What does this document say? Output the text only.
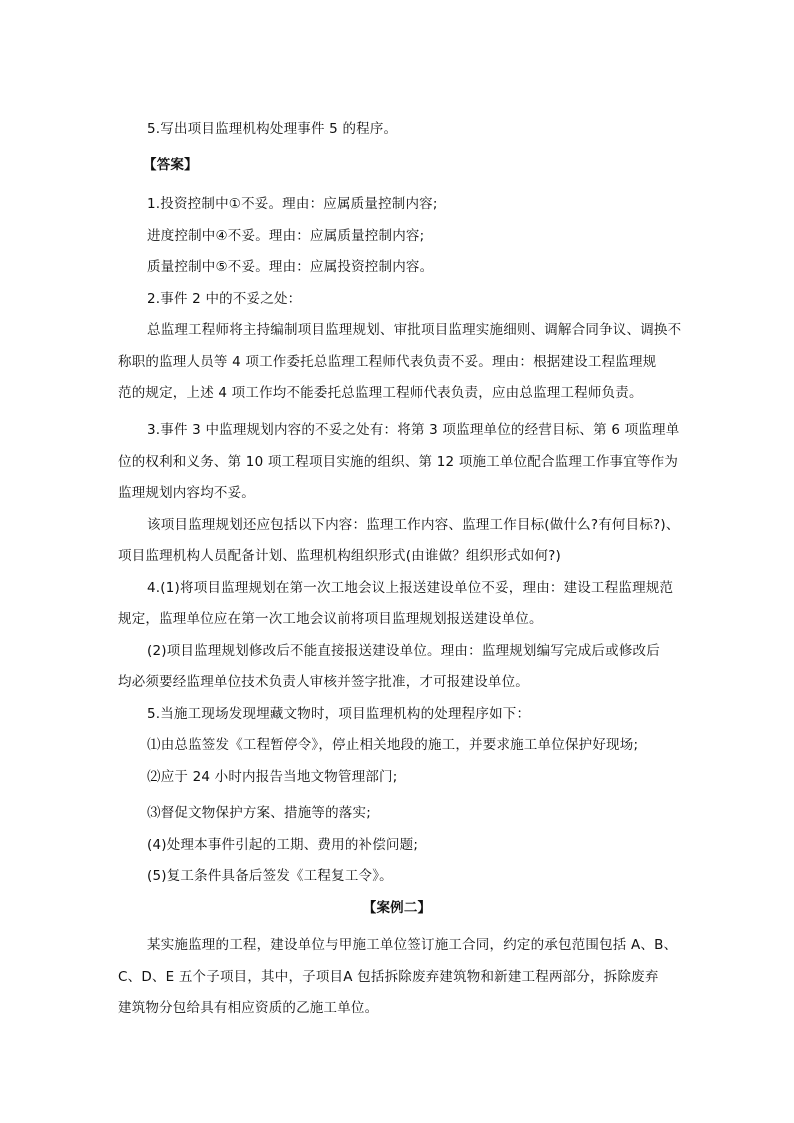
5.写出项目监理机构处理事件 5 的程序。
【答案】
1.投资控制中①不妥。理由：应属质量控制内容;
进度控制中④不妥。理由：应属质量控制内容;
质量控制中⑤不妥。理由：应属投资控制内容。
2.事件 2 中的不妥之处：
总监理工程师将主持编制项目监理规划、审批项目监理实施细则、调解合同争议、调换不
称职的监理人员等 4 项工作委托总监理工程师代表负责不妥。理由：根据建设工程监理规
范的规定，上述 4 项工作均不能委托总监理工程师代表负责，应由总监理工程师负责。
3.事件 3 中监理规划内容的不妥之处有：将第 3 项监理单位的经营目标、第 6 项监理单
位的权利和义务、第 10 项工程项目实施的组织、第 12 项施工单位配合监理工作事宜等作为
监理规划内容均不妥。
该项目监理规划还应包括以下内容：监理工作内容、监理工作目标(做什么?有何目标?)、
项目监理机构人员配备计划、监理机构组织形式(由谁做？组织形式如何?)
4.(1)将项目监理规划在第一次工地会议上报送建设单位不妥，理由：建设工程监理规范
规定，监理单位应在第一次工地会议前将项目监理规划报送建设单位。
(2)项目监理规划修改后不能直接报送建设单位。理由：监理规划编写完成后或修改后
均必须要经监理单位技术负责人审核并签字批准，才可报建设单位。
5.当施工现场发现埋藏文物时，项目监理机构的处理程序如下：
⑴由总监签发《工程暂停令》，停止相关地段的施工，并要求施工单位保护好现场;
⑵应于 24 小时内报告当地文物管理部门;
⑶督促文物保护方案、措施等的落实;
(4)处理本事件引起的工期、费用的补偿问题;
(5)复工条件具备后签发《工程复工令》。
【案例二】
某实施监理的工程，建设单位与甲施工单位签订施工合同，约定的承包范围包括 A、B、
C、D、E 五个子项目，其中，子项目A 包括拆除废弃建筑物和新建工程两部分，拆除废弃
建筑物分包给具有相应资质的乙施工单位。
